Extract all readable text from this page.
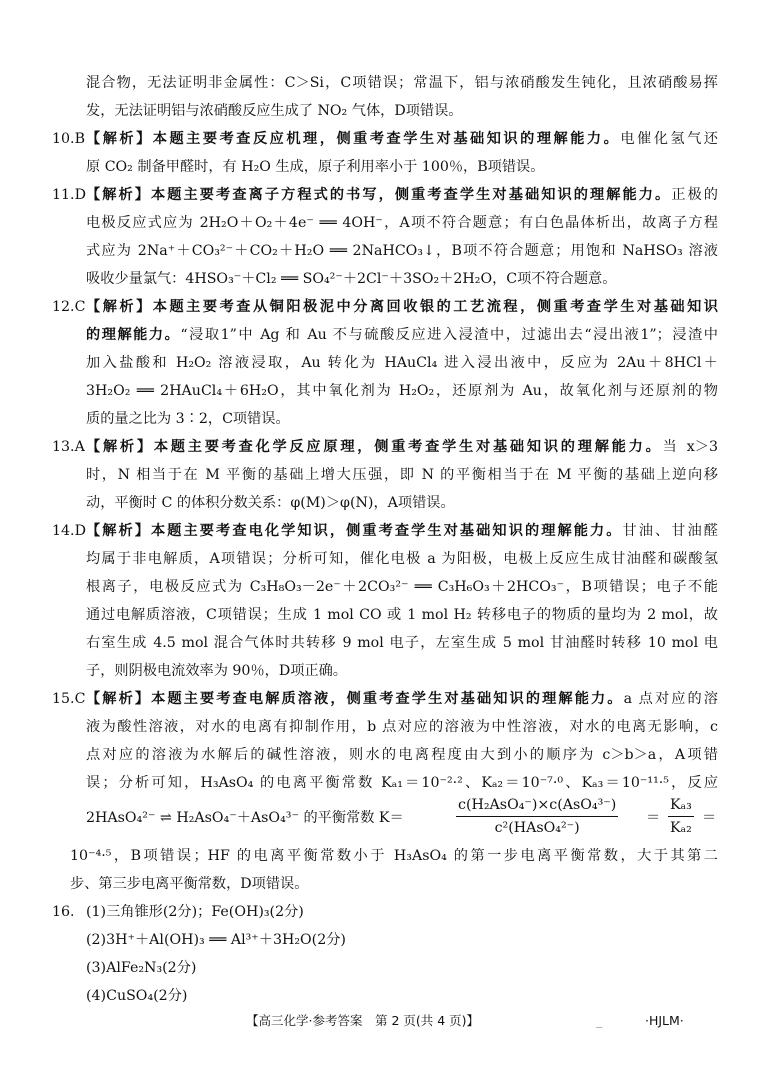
混合物，无法证明非金属性：C＞Si，C项错误；常温下，铝与浓硝酸发生钝化，且浓硝酸易挥
发，无法证明铝与浓硝酸反应生成了 NO₂ 气体，D项错误。
10.B 【解析】本题主要考查反应机理，侧重考查学生对基础知识的理解能力。电催化氢气还
原 CO₂ 制备甲醛时，有 H₂O 生成，原子利用率小于 100％，B项错误。
11.D 【解析】本题主要考查离子方程式的书写，侧重考查学生对基础知识的理解能力。正极的
电极反应式应为 2H₂O＋O₂＋4e⁻ ══ 4OH⁻，A项不符合题意；有白色晶体析出，故离子方程
式应为 2Na⁺＋CO₃²⁻＋CO₂＋H₂O ══ 2NaHCO₃↓，B项不符合题意；用饱和 NaHSO₃ 溶液
吸收少量氯气：4HSO₃⁻＋Cl₂ ══ SO₄²⁻＋2Cl⁻＋3SO₂＋2H₂O，C项不符合题意。
12.C 【解析】本题主要考查从铜阳极泥中分离回收银的工艺流程，侧重考查学生对基础知识
的理解能力。“浸取1”中 Ag 和 Au 不与硫酸反应进入浸渣中，过滤出去“浸出液1”；浸渣中
加入盐酸和 H₂O₂ 溶液浸取，Au 转化为 HAuCl₄ 进入浸出液中，反应为 2Au＋8HCl＋
3H₂O₂ ══ 2HAuCl₄＋6H₂O，其中氧化剂为 H₂O₂，还原剂为 Au，故氧化剂与还原剂的物
质的量之比为 3∶2，C项错误。
13.A 【解析】本题主要考查化学反应原理，侧重考查学生对基础知识的理解能力。当 x＞3
时，N 相当于在 M 平衡的基础上增大压强，即 N 的平衡相当于在 M 平衡的基础上逆向移
动，平衡时 C 的体积分数关系：φ(M)＞φ(N)，A项错误。
14.D 【解析】本题主要考查电化学知识，侧重考查学生对基础知识的理解能力。甘油、甘油醛
均属于非电解质，A项错误；分析可知，催化电极 a 为阳极，电极上反应生成甘油醛和碳酸氢
根离子，电极反应式为 C₃H₈O₃－2e⁻＋2CO₃²⁻ ══ C₃H₆O₃＋2HCO₃⁻，B项错误；电子不能
通过电解质溶液，C项错误；生成 1 mol CO 或 1 mol H₂ 转移电子的物质的量均为 2 mol，故
右室生成 4.5 mol 混合气体时共转移 9 mol 电子，左室生成 5 mol 甘油醛时转移 10 mol 电
子，则阴极电流效率为 90％，D项正确。
15.C 【解析】本题主要考查电解质溶液，侧重考查学生对基础知识的理解能力。a 点对应的溶
液为酸性溶液，对水的电离有抑制作用，b 点对应的溶液为中性溶液，对水的电离无影响，c
点对应的溶液为水解后的碱性溶液，则水的电离程度由大到小的顺序为 c＞b＞a，A项错
误；分析可知，H₃AsO₄ 的电离平衡常数 Kₐ₁＝10⁻²·²、Kₐ₂＝10⁻⁷·⁰、Kₐ₃＝10⁻¹¹·⁵，反应
2HAsO₄²⁻ ⇌ H₂AsO₄⁻＋AsO₄³⁻ 的平衡常数 K＝
c(H₂AsO₄⁻)×c(AsO₄³⁻)
c²(HAsO₄²⁻)
＝ $\frac{\text{Kₐ₃}}{\text{Kₐ₂}}$ ＝
10⁻⁴·⁵，B项错误；HF 的电离平衡常数小于 H₃AsO₄ 的第一步电离平衡常数，大于其第二
步、第三步电离平衡常数，D项错误。
16. (1)三角锥形(2分)；Fe(OH)₃(2分)
(2)3H⁺＋Al(OH)₃ ══ Al³⁺＋3H₂O(2分)
(3)AlFe₂N₃(2分)
(4)CuSO₄(2分)
【高三化学·参考答案　第 2 页(共 4 页)】	_	·HJLM·
